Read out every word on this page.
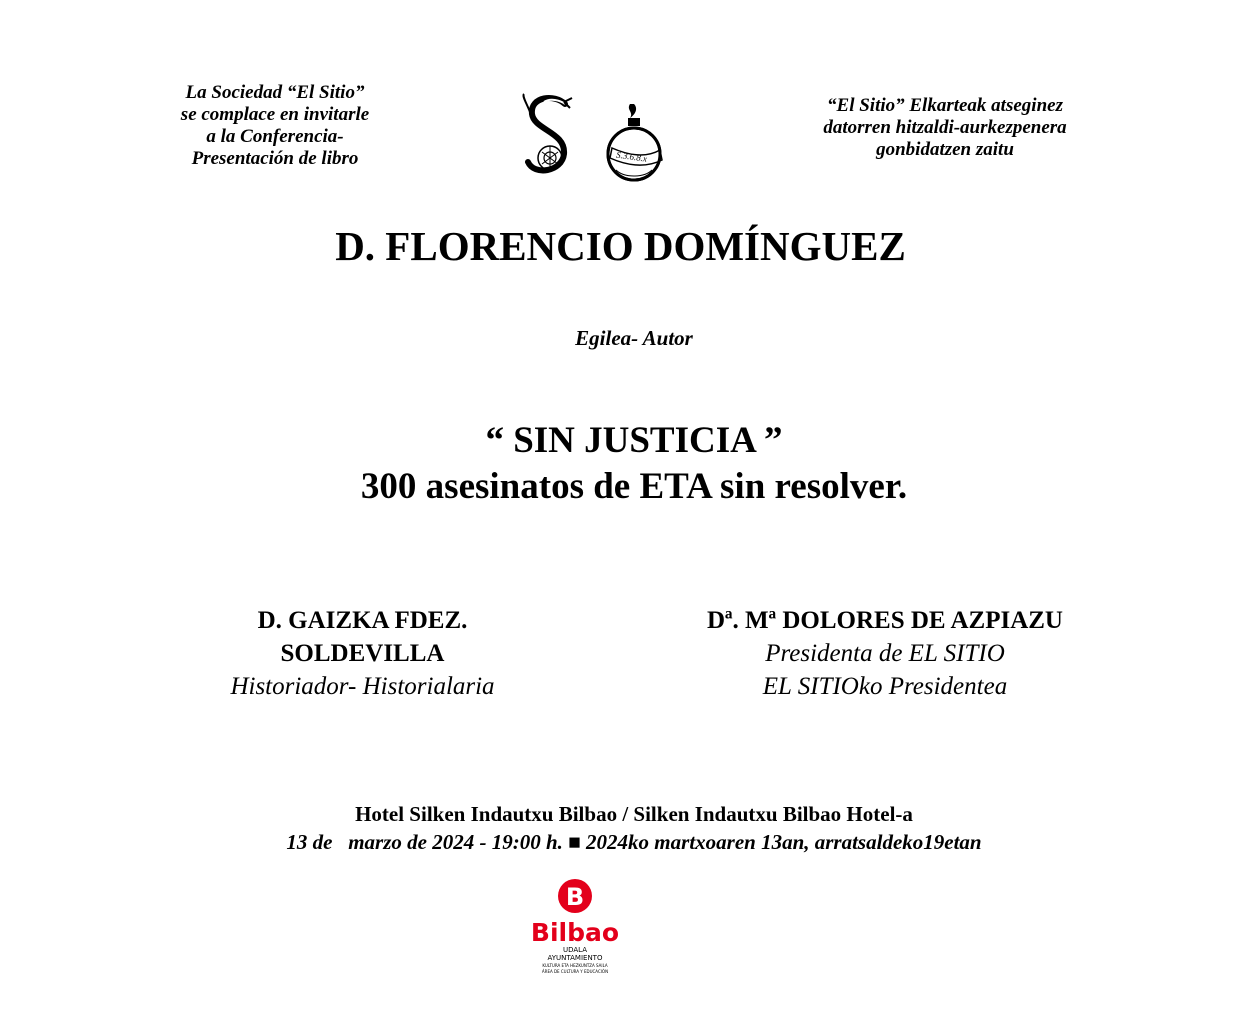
La Sociedad “El Sitio”
se complace en invitarle
a la Conferencia-
Presentación de libro	S.3.6.8.x
“El Sitio” Elkarteak atseginez
datorren hitzaldi-aurkezpenera
gonbidatzen zaitu
D. FLORENCIO DOMÍNGUEZ
Egilea- Autor
“ SIN JUSTICIA ”
300 asesinatos de ETA sin resolver.
D. GAIZKA FDEZ.
SOLDEVILLA
Historiador- Historialaria
Dª. Mª DOLORES DE AZPIAZU
Presidenta de EL SITIO
EL SITIOko Presidentea
Hotel Silken Indautxu Bilbao / Silken Indautxu Bilbao Hotel-a
13 de   marzo de 2024 - 19:00 h. ■ 2024ko martxoaren 13an, arratsaldeko19etan
B
Bilbao
UDALA
AYUNTAMIENTO
KULTURA ETA HEZKUNTZA SAILA
ÁREA DE CULTURA Y EDUCACIÓN
